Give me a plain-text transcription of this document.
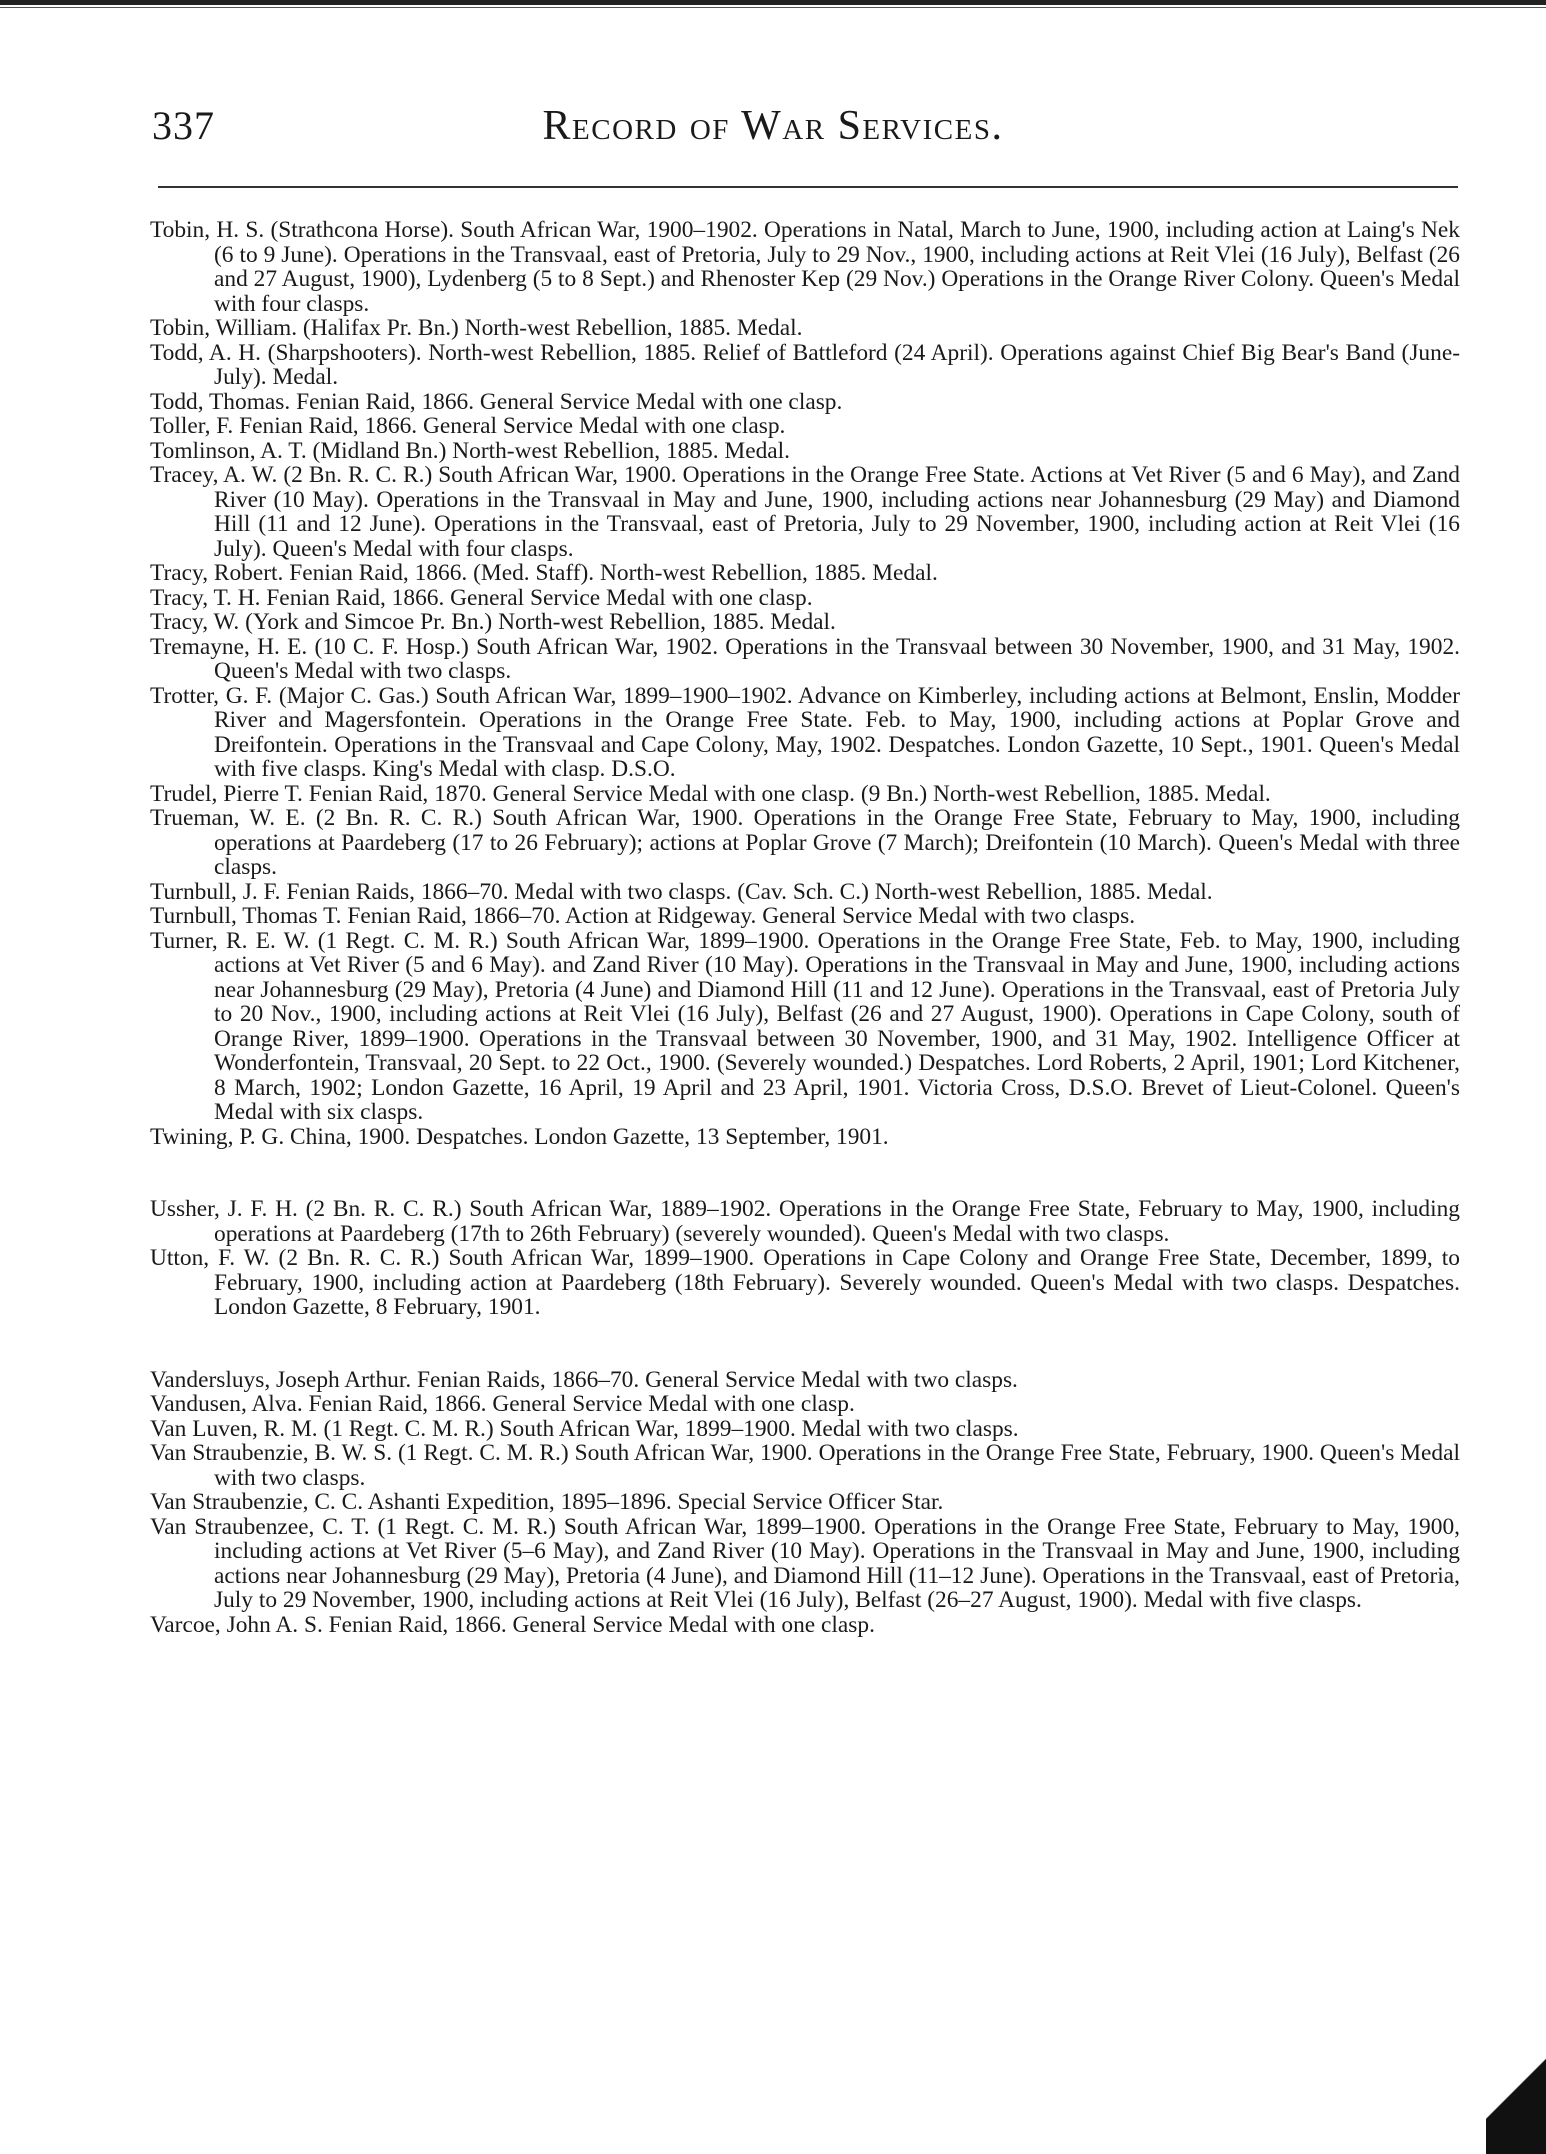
337	Record of War Services.

Tobin, H. S. (Strathcona Horse). South African War, 1900–1902. Operations in Natal, March to June, 1900, including action at Laing's Nek (6 to 9 June). Operations in the Transvaal, east of Pretoria, July to 29 Nov., 1900, including actions at Reit Vlei (16 July), Belfast (26 and 27 August, 1900), Lydenberg (5 to 8 Sept.) and Rhenoster Kep (29 Nov.) Operations in the Orange River Colony. Queen's Medal with four clasps.

Tobin, William. (Halifax Pr. Bn.) North-west Rebellion, 1885. Medal.

Todd, A. H. (Sharpshooters). North-west Rebellion, 1885. Relief of Battleford (24 April). Operations against Chief Big Bear's Band (June-July). Medal.

Todd, Thomas. Fenian Raid, 1866. General Service Medal with one clasp.

Toller, F. Fenian Raid, 1866. General Service Medal with one clasp.

Tomlinson, A. T. (Midland Bn.) North-west Rebellion, 1885. Medal.

Tracey, A. W. (2 Bn. R. C. R.) South African War, 1900. Operations in the Orange Free State. Actions at Vet River (5 and 6 May), and Zand River (10 May). Operations in the Transvaal in May and June, 1900, including actions near Johannesburg (29 May) and Diamond Hill (11 and 12 June). Operations in the Transvaal, east of Pretoria, July to 29 November, 1900, including action at Reit Vlei (16 July). Queen's Medal with four clasps.

Tracy, Robert. Fenian Raid, 1866. (Med. Staff). North-west Rebellion, 1885. Medal.

Tracy, T. H. Fenian Raid, 1866. General Service Medal with one clasp.

Tracy, W. (York and Simcoe Pr. Bn.) North-west Rebellion, 1885. Medal.

Tremayne, H. E. (10 C. F. Hosp.) South African War, 1902. Operations in the Transvaal between 30 November, 1900, and 31 May, 1902. Queen's Medal with two clasps.

Trotter, G. F. (Major C. Gas.) South African War, 1899–1900–1902. Advance on Kimberley, including actions at Belmont, Enslin, Modder River and Magersfontein. Operations in the Orange Free State. Feb. to May, 1900, including actions at Poplar Grove and Dreifontein. Operations in the Transvaal and Cape Colony, May, 1902. Despatches. London Gazette, 10 Sept., 1901. Queen's Medal with five clasps. King's Medal with clasp. D.S.O.

Trudel, Pierre T. Fenian Raid, 1870. General Service Medal with one clasp. (9 Bn.) North-west Rebellion, 1885. Medal.

Trueman, W. E. (2 Bn. R. C. R.) South African War, 1900. Operations in the Orange Free State, February to May, 1900, including operations at Paardeberg (17 to 26 February); actions at Poplar Grove (7 March); Dreifontein (10 March). Queen's Medal with three clasps.

Turnbull, J. F. Fenian Raids, 1866–70. Medal with two clasps. (Cav. Sch. C.) North-west Rebellion, 1885. Medal.

Turnbull, Thomas T. Fenian Raid, 1866–70. Action at Ridgeway. General Service Medal with two clasps.

Turner, R. E. W. (1 Regt. C. M. R.) South African War, 1899–1900. Operations in the Orange Free State, Feb. to May, 1900, including actions at Vet River (5 and 6 May). and Zand River (10 May). Operations in the Transvaal in May and June, 1900, including actions near Johannesburg (29 May), Pretoria (4 June) and Diamond Hill (11 and 12 June). Operations in the Transvaal, east of Pretoria July to 20 Nov., 1900, including actions at Reit Vlei (16 July), Belfast (26 and 27 August, 1900). Operations in Cape Colony, south of Orange River, 1899–1900. Operations in the Transvaal between 30 November, 1900, and 31 May, 1902. Intelligence Officer at Wonderfontein, Transvaal, 20 Sept. to 22 Oct., 1900. (Severely wounded.) Despatches. Lord Roberts, 2 April, 1901; Lord Kitchener, 8 March, 1902; London Gazette, 16 April, 19 April and 23 April, 1901. Victoria Cross, D.S.O. Brevet of Lieut-Colonel. Queen's Medal with six clasps.

Twining, P. G. China, 1900. Despatches. London Gazette, 13 September, 1901.

Ussher, J. F. H. (2 Bn. R. C. R.) South African War, 1889–1902. Operations in the Orange Free State, February to May, 1900, including operations at Paardeberg (17th to 26th February) (severely wounded). Queen's Medal with two clasps.

Utton, F. W. (2 Bn. R. C. R.) South African War, 1899–1900. Operations in Cape Colony and Orange Free State, December, 1899, to February, 1900, including action at Paardeberg (18th February). Severely wounded. Queen's Medal with two clasps. Despatches. London Gazette, 8 February, 1901.

Vandersluys, Joseph Arthur. Fenian Raids, 1866–70. General Service Medal with two clasps.

Vandusen, Alva. Fenian Raid, 1866. General Service Medal with one clasp.

Van Luven, R. M. (1 Regt. C. M. R.) South African War, 1899–1900. Medal with two clasps.

Van Straubenzie, B. W. S. (1 Regt. C. M. R.) South African War, 1900. Operations in the Orange Free State, February, 1900. Queen's Medal with two clasps.

Van Straubenzie, C. C. Ashanti Expedition, 1895–1896. Special Service Officer Star.

Van Straubenzee, C. T. (1 Regt. C. M. R.) South African War, 1899–1900. Operations in the Orange Free State, February to May, 1900, including actions at Vet River (5–6 May), and Zand River (10 May). Operations in the Transvaal in May and June, 1900, including actions near Johannesburg (29 May), Pretoria (4 June), and Diamond Hill (11–12 June). Operations in the Transvaal, east of Pretoria, July to 29 November, 1900, including actions at Reit Vlei (16 July), Belfast (26–27 August, 1900). Medal with five clasps.

Varcoe, John A. S. Fenian Raid, 1866. General Service Medal with one clasp.
